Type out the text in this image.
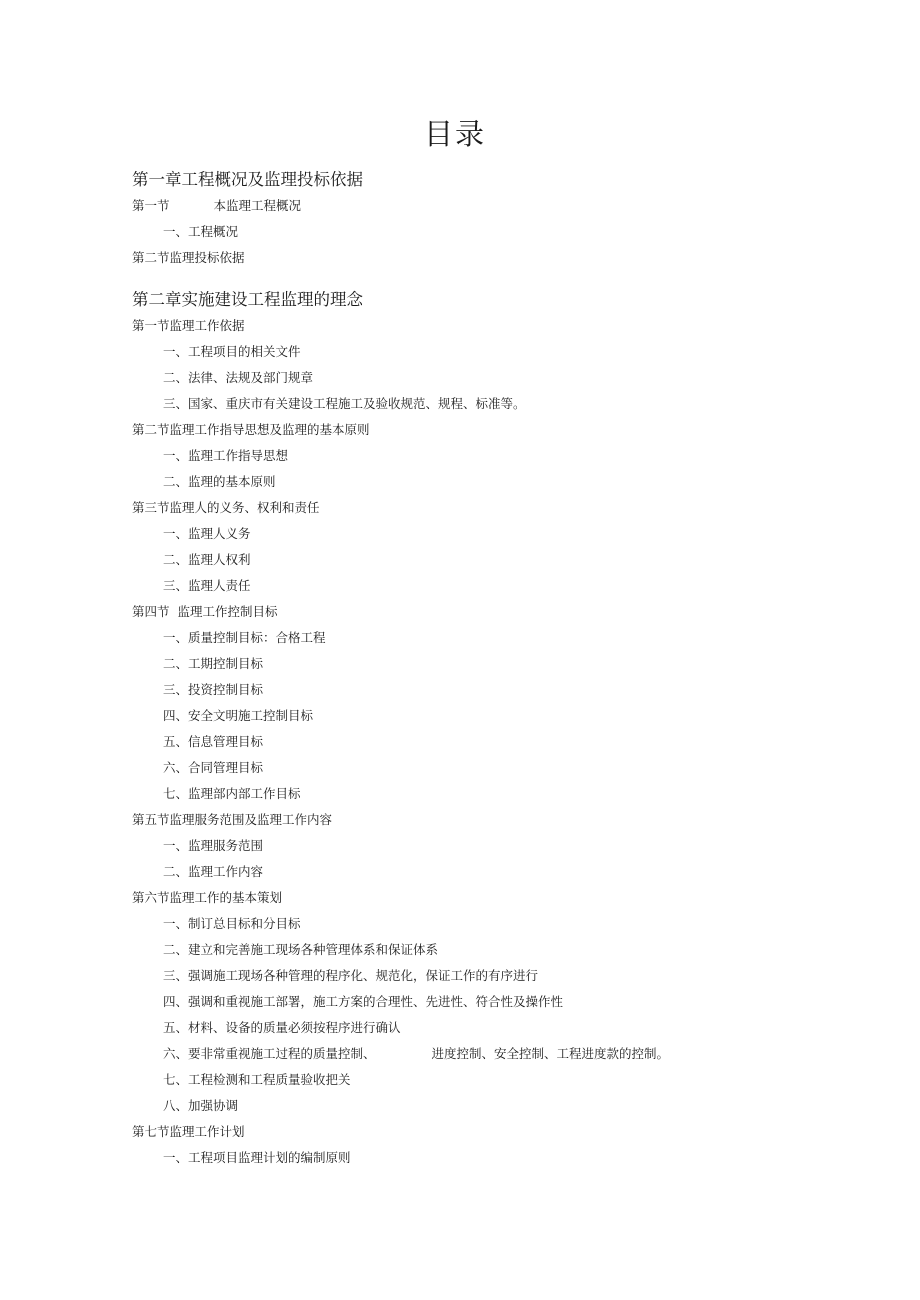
目录
第一章工程概况及监理投标依据
第一节	本监理工程概况
一、工程概况
第二节监理投标依据
第二章实施建设工程监理的理念
第一节监理工作依据
一、工程项目的相关文件
二、法律、法规及部门规章
三、国家、重庆市有关建设工程施工及验收规范、规程、标准等。
第二节监理工作指导思想及监理的基本原则
一、监理工作指导思想
二、监理的基本原则
第三节监理人的义务、权利和责任
一、监理人义务
二、监理人权利
三、监理人责任
第四节 监理工作控制目标
一、质量控制目标：合格工程
二、工期控制目标
三、投资控制目标
四、安全文明施工控制目标
五、信息管理目标
六、合同管理目标
七、监理部内部工作目标
第五节监理服务范围及监理工作内容
一、监理服务范围
二、监理工作内容
第六节监理工作的基本策划
一、制订总目标和分目标
二、建立和完善施工现场各种管理体系和保证体系
三、强调施工现场各种管理的程序化、规范化，保证工作的有序进行
四、强调和重视施工部署，施工方案的合理性、先进性、符合性及操作性
五、材料、设备的质量必须按程序进行确认
六、要非常重视施工过程的质量控制、	进度控制、安全控制、工程进度款的控制。
七、工程检测和工程质量验收把关
八、加强协调
第七节监理工作计划
一、工程项目监理计划的编制原则
